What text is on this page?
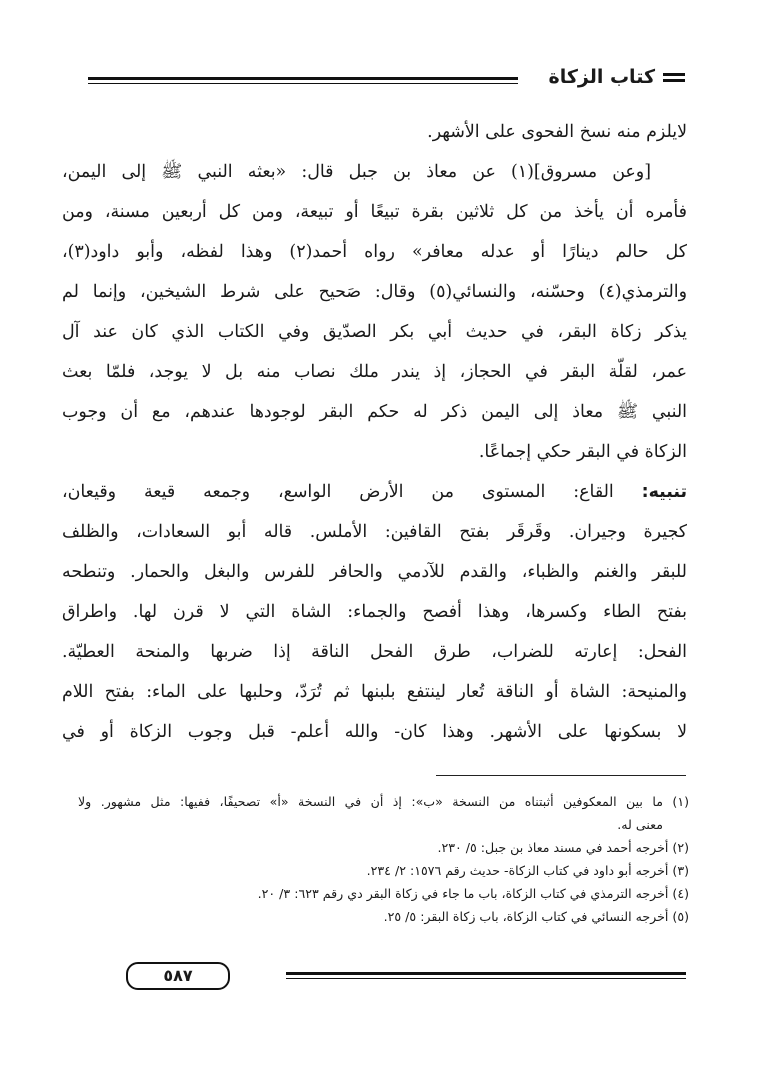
كتاب الزكاة
لايلزم منه نسخ الفحوى على الأشهر.
[وعن مسروق](١) عن معاذ بن جبل قال: «بعثه النبي ﷺ إلى اليمن،
فأمره أن يأخذ من كل ثلاثين بقرة تبيعًا أو تبيعة، ومن كل أربعين مسنة، ومن
كل حالم دينارًا أو عدله معافر» رواه أحمد(٢) وهذا لفظه، وأبو داود(٣)،
والترمذي(٤) وحسّنه، والنسائي(٥) وقال: صَحيح على شرط الشيخين، وإنما لم
يذكر زكاة البقر، في حديث أبي بكر الصدّيق وفي الكتاب الذي كان عند آل
عمر، لقلّة البقر في الحجاز، إذ يندر ملك نصاب منه بل لا يوجد، فلمّا بعث
النبي ﷺ معاذ إلى اليمن ذكر له حكم البقر لوجودها عندهم، مع أن وجوب
الزكاة في البقر حكي إجماعًا.
تنبيه: القاع: المستوى من الأرض الواسع، وجمعه قيعة وقيعان،
كجيرة وجيران. وقَرقَر بفتح القافين: الأملس. قاله أبو السعادات، والظلف
للبقر والغنم والظباء، والقدم للآدمي والحافر للفرس والبغل والحمار. وتنطحه
بفتح الطاء وكسرها، وهذا أفصح والجماء: الشاة التي لا قرن لها. واطراق
الفحل: إعارته للضراب، طرق الفحل الناقة إذا ضربها والمنحة العطيّة.
والمنيحة: الشاة أو الناقة تُعار لينتفع بلبنها ثم تُرَدّ، وحلبها على الماء: بفتح اللام
لا بسكونها على الأشهر. وهذا كان- والله أعلم- قبل وجوب الزكاة أو في
(١) ما بين المعكوفين أثبتناه من النسخة «ب»: إذ أن في النسخة «أ» تصحيفًا، ففيها: مثل مشهور. ولا
معنى له.
(٢) أخرجه أحمد في مسند معاذ بن جبل: ٥/ ٢٣٠.
(٣) أخرجه أبو داود في كتاب الزكاة- حديث رقم ١٥٧٦: ٢/ ٢٣٤.
(٤) أخرجه الترمذي في كتاب الزكاة، باب ما جاء في زكاة البقر دي رقم ٦٢٣: ٣/ ٢٠.
(٥) أخرجه النسائي في كتاب الزكاة، باب زكاة البقر: ٥/ ٢٥.
٥٨٧
